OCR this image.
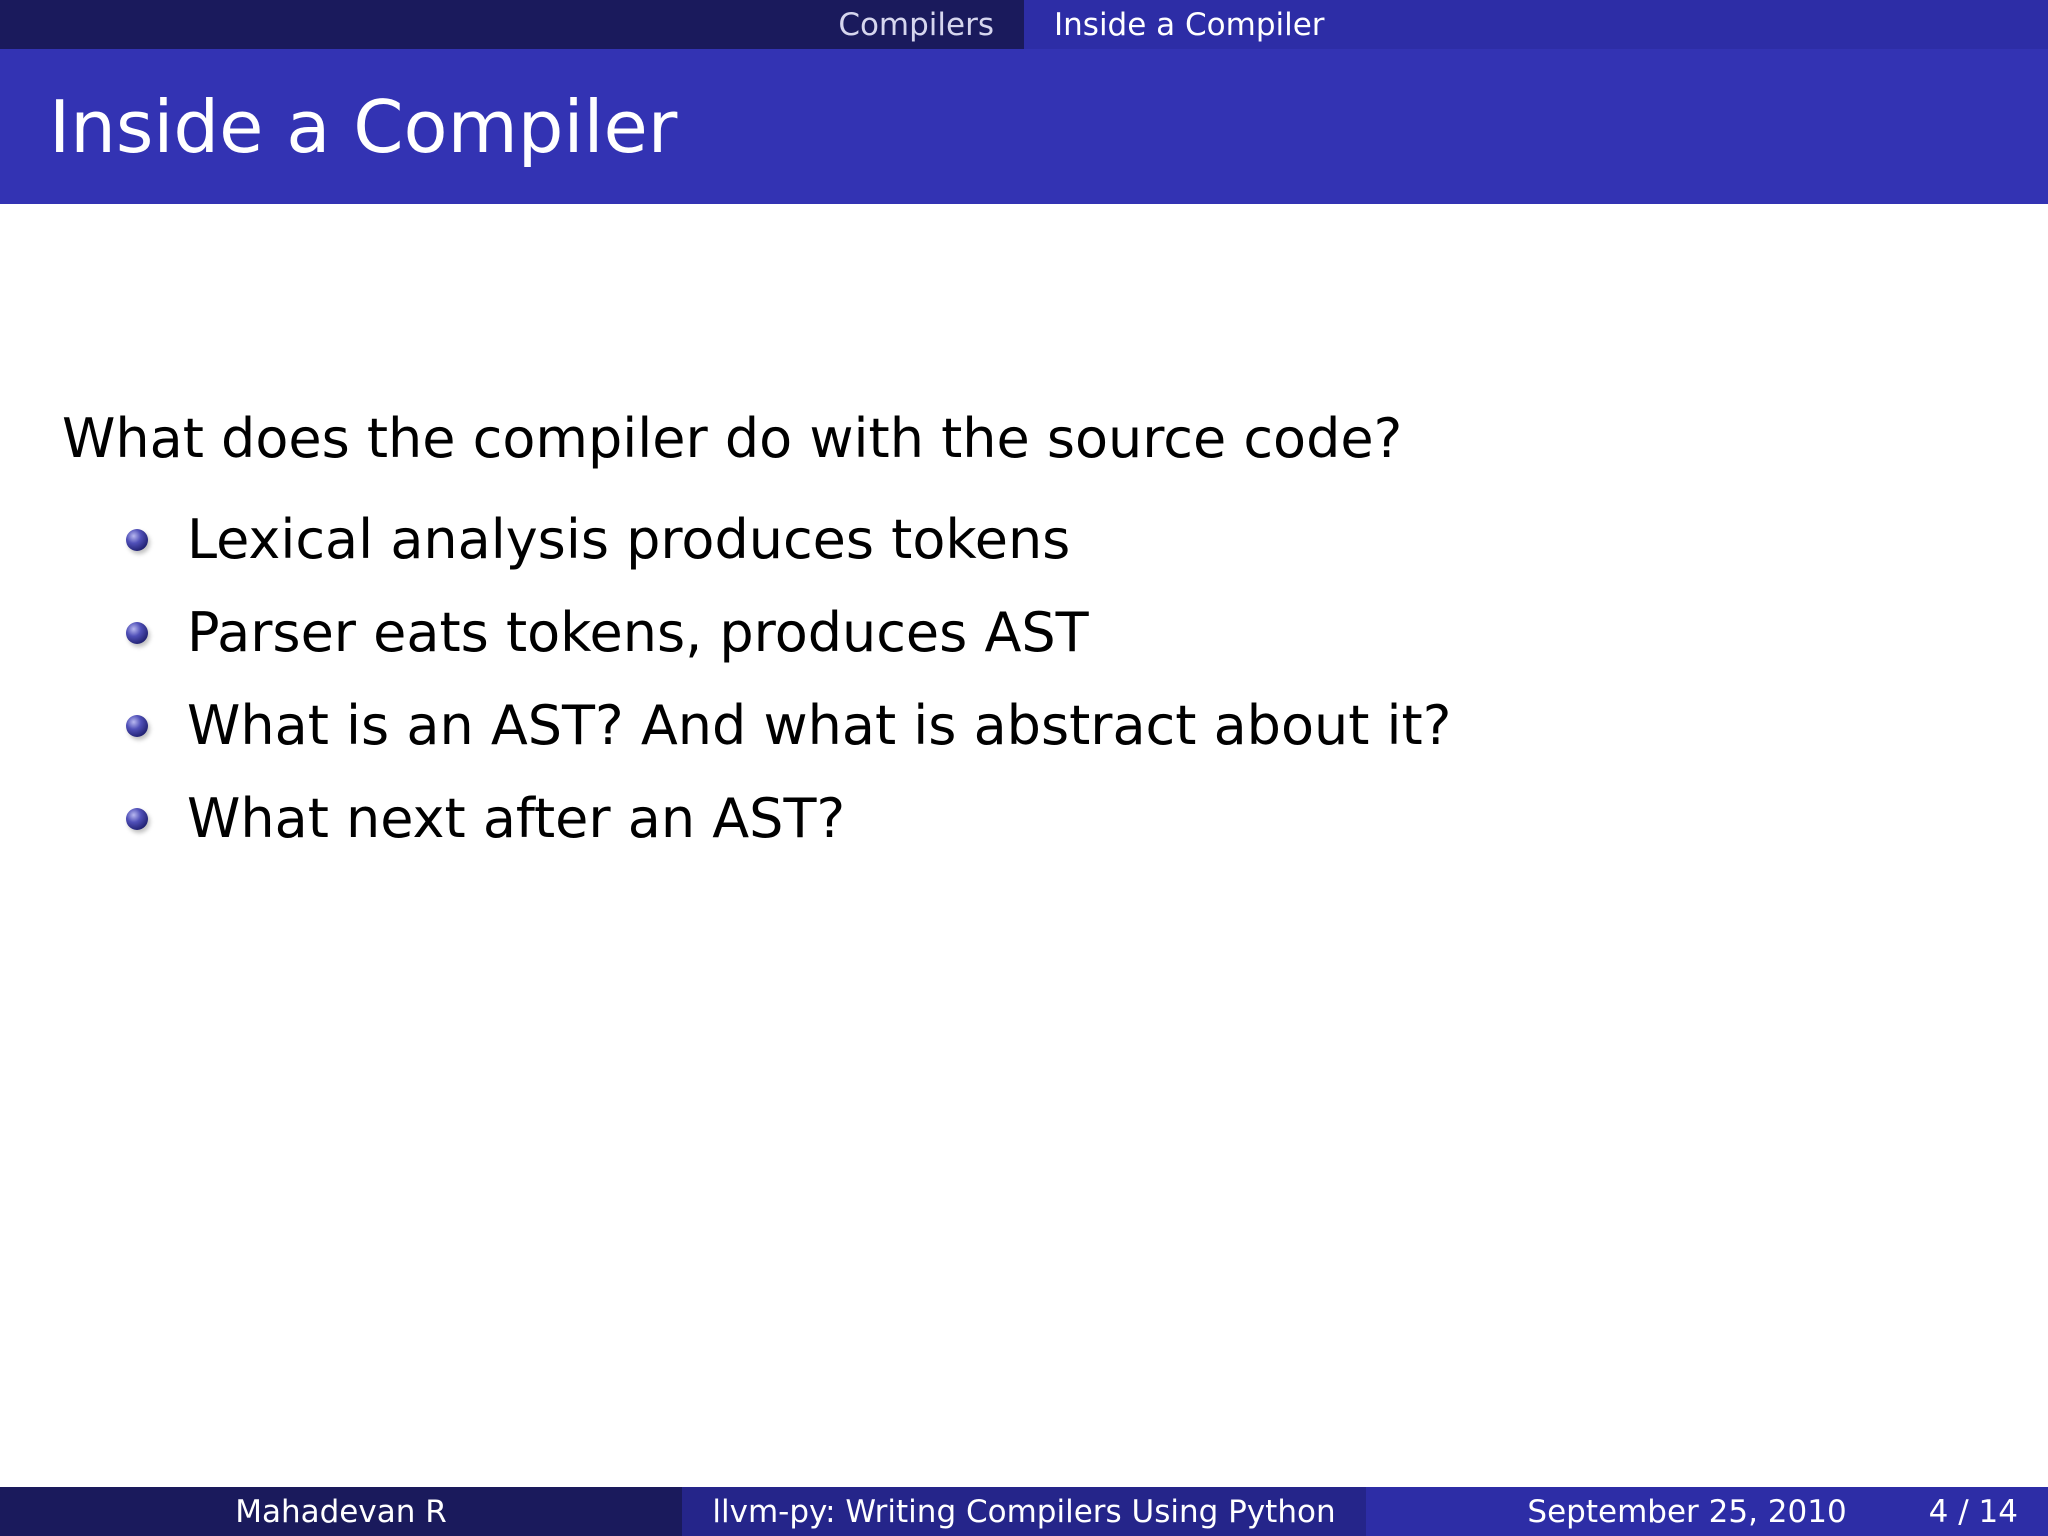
Compilers Inside a Compiler
Inside a Compiler
What does the compiler do with the source code?
Lexical analysis produces tokens
Parser eats tokens, produces AST
What is an AST? And what is abstract about it?
What next after an AST?
Mahadevan R	llvm-py: Writing Compilers Using Python	September 25, 2010	4 / 14
